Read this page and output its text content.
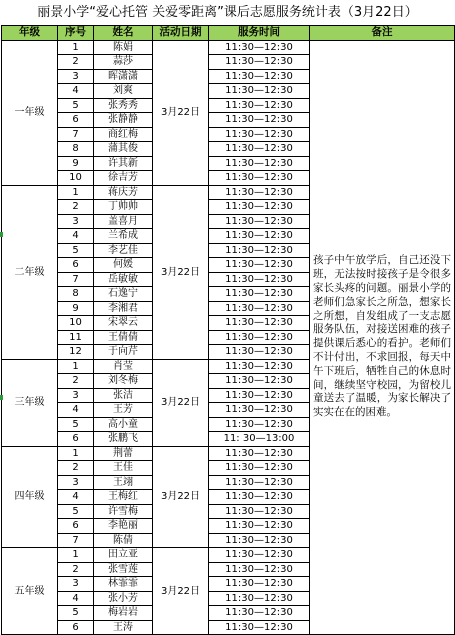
丽景小学“爱心托管 关爱零距离”课后志愿服务统计表（3月22日）
年级	序号	姓名	活动日期	服务时间	备注
一年级	1	陈娟	3月22日	11:30—12:30	孩子中午放学后，自己还没下班，无法按时接孩子是令很多家长头疼的问题。丽景小学的老师们急家长之所急，想家长之所想，自发组成了一支志愿服务队伍，对接送困难的孩子提供课后悉心的看护。老师们不计付出，不求回报，每天中午下班后，牺牲自己的休息时间，继续坚守校园，为留校儿童送去了温暖，为家长解决了实实在在的困难。
	2	蒜莎		11:30—12:30	
	3	晖潇潇		11:30—12:30	
	4	刘爽		11:30—12:30	
	5	张秀秀		11:30—12:30	
	6	张静静		11:30—12:30	
	7	商红梅		11:30—12:30	
	8	蒲其俊		11:30—12:30	
	9	许其新		11:30—12:30	
	10	徐吉芳		11:30—12:30	
二年级	1	蒋庆芳	3月22日	11:30—12:30	
	2	丁帅帅		11:30—12:30	
	3	盖喜月		11:30—12:30	
	4	兰希成		11:30—12:30	
	5	李艺佳		11:30—12:30	
	6	何媛		11:30—12:30	
	7	岳敏敏		11:30—12:30	
	8	石逸宁		11:30—12:30	
	9	李湘君		11:30—12:30	
	10	宋翠云		11:30—12:30	
	11	王倩倩		11:30—12:30	
	12	于向芹		11:30—12:30	
三年级	1	肖莹	3月22日	11:30—12:30	
	2	刘冬梅		11:30—12:30	
	3	张洁		11:30—12:30	
	4	王芳		11:30—12:30	
	5	高小童		11:30—12:30	
	6	张鹏飞		11: 30—13:00	
四年级	1	荆蕾	3月22日	11:30—12:30	
	2	王佳		11:30—12:30	
	3	王翊		11:30—12:30	
	4	王梅红		11:30—12:30	
	5	许雪梅		11:30—12:30	
	6	李艳丽		11:30—12:30	
	7	陈倩		11:30—12:30	
五年级	1	田立亚	3月22日	11:30—12:30	
	2	张雪莲		11:30—12:30	
	3	林霏霏		11:30—12:30	
	4	张小芳		11:30—12:30	
	5	梅岩岩		11:30—12:30	
	6	王涛		11:30—12:30	
